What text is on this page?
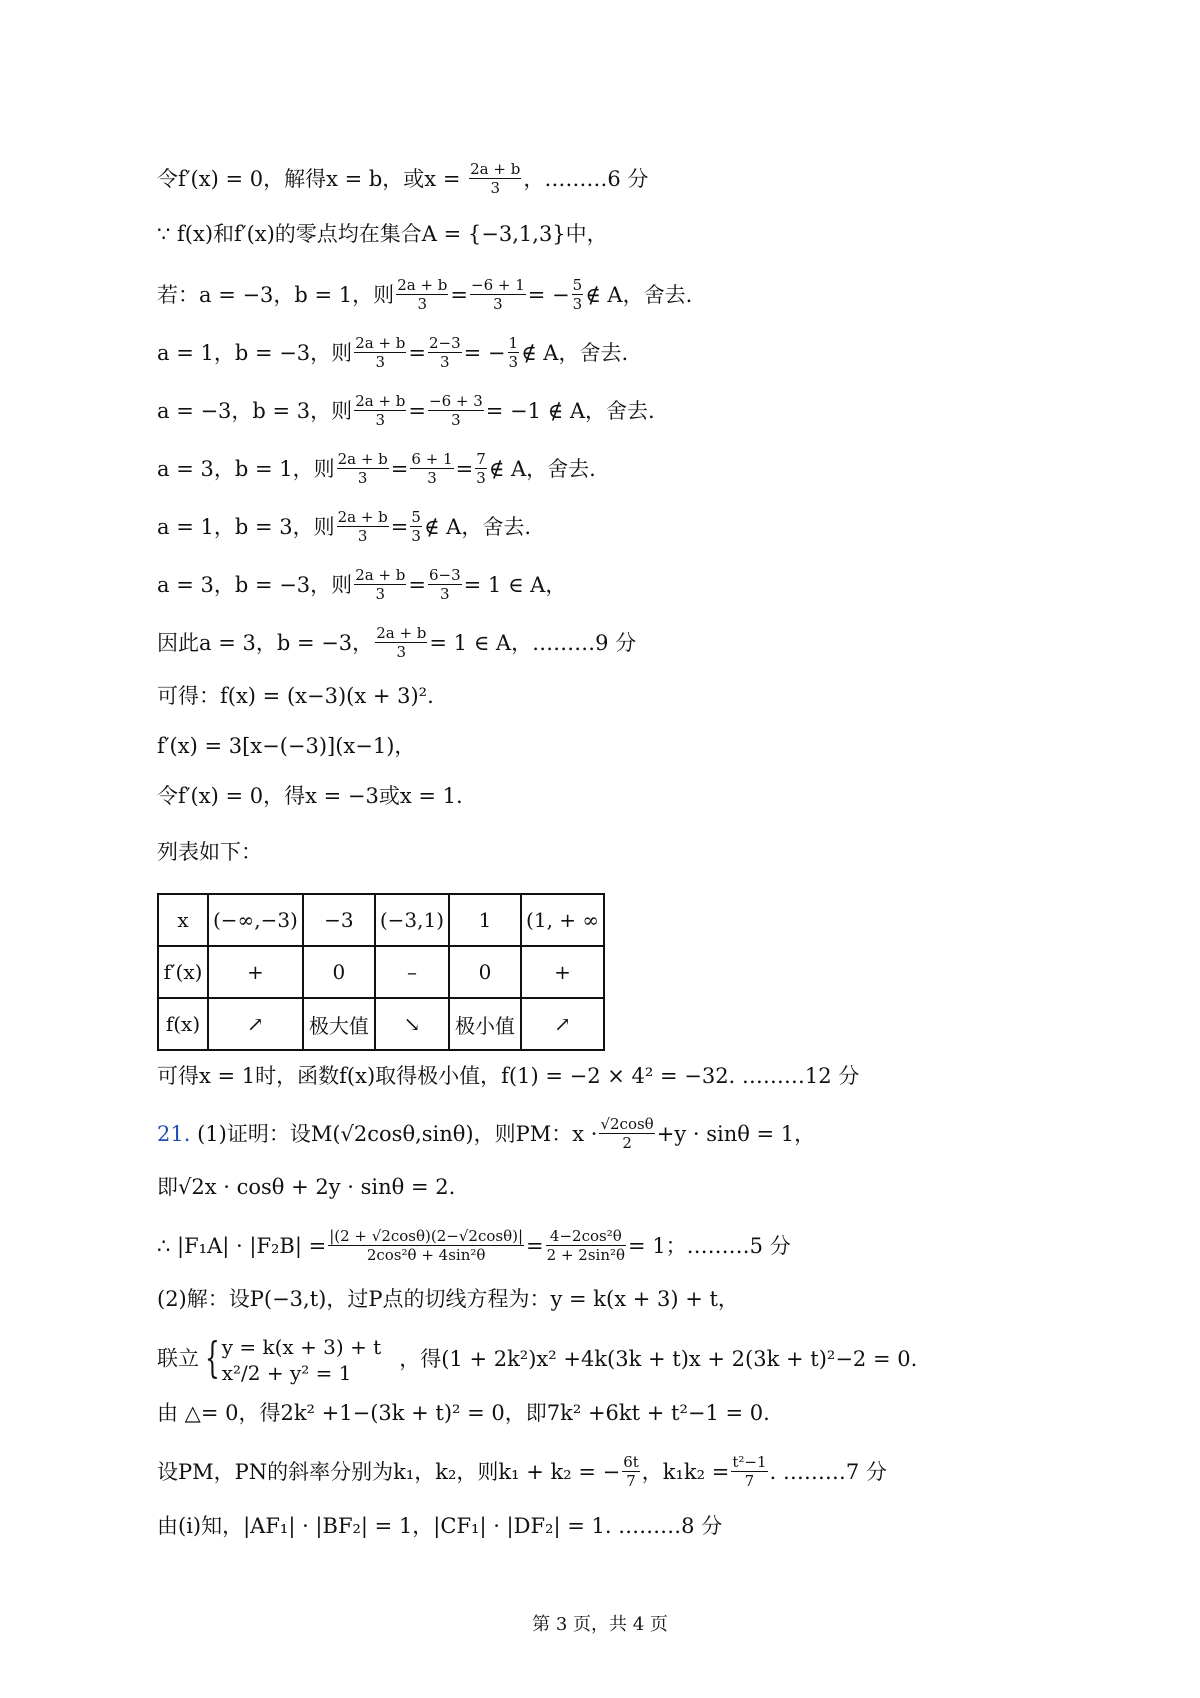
令f′(x) = 0，解得x = b，或$x = \frac{2a + b}{3}$ ，………6 分
∵ f(x)和f′(x)的零点均在集合A = {−3,1,3}中，
若：a = −3，b = 1，则 $\frac{2a + b}{3} = \frac{-6 + 1}{3}$ = − $\frac{5}{3}$ ∉ A，舍去.
a = 1，b = −3，则 $\frac{2a + b}{3} = \frac{2-3}{3}$ = − $\frac{1}{3}$ ∉ A，舍去.
a = −3，b = 3，则 $\frac{2a + b}{3} = \frac{-6 + 3}{3} = -1$ ∉ A，舍去.
a = 3，b = 1，则 $\frac{2a + b}{3} = \frac{6 + 1}{3} = \frac{7}{3}$ ∉ A，舍去.
a = 1，b = 3，则 $\frac{2a + b}{3} = \frac{5}{3}$ ∉ A，舍去.
a = 3，b = −3，则 $\frac{2a + b}{3} = \frac{6-3}{3} = 1$ ∈ A，
因此a = 3，b = −3， $\frac{2a + b}{3} = 1$ ∈ A，………9 分
可得：f(x) = (x−3)(x + 3)².
f′(x) = 3[x−(−3)](x−1)，
令f′(x) = 0，得x = −3或x = 1.
列表如下：
x	(−∞,−3)	−3	(−3,1)	1	(1, + ∞
f′(x)	+	0	–	0	+
f(x)	↗	极大值	↘	极小值	↗
可得x = 1时，函数f(x)取得极小值，f(1) = −2 × 4² = −32. ………12 分
21. (1)证明：设M(√2cosθ,sinθ)，则PM：$x \cdot \frac{√2\cos\theta}{2} +y \cdot \sin\theta = 1$，
即√2x · cosθ + 2y · sinθ = 2.
∴ $|F_1A| \cdot |F_2B| = \frac{|(2 + √2\cos\theta)(2-√2\cos\theta)|}{\text{2cos²θ + 4sin²θ}} = \frac{\text{4−2cos²θ}}{\text{2 + 2sin²θ}} = 1$；………5 分
(2)解：设P(−3,t)，过P点的切线方程为：y = k(x + 3) + t，
联立 { y = k(x + 3) + t
x²/2 + y² = 1
，得(1 + 2k²)x² +4k(3k + t)x + 2(3k + t)²−2 = 0.
由 △= 0，得2k² +1−(3k + t)² = 0，即7k² +6kt + t²−1 = 0.
设PM，PN的斜率分别为k₁，k₂，则k₁ + k₂ = − $\frac{6t}{7}$ ，$k_1k_2 = \frac{\text{t²−1}}{7}$ . ………7 分
由(i)知，|AF₁| · |BF₂| = 1，|CF₁| · |DF₂| = 1. ………8 分
第 3 页，共 4 页
